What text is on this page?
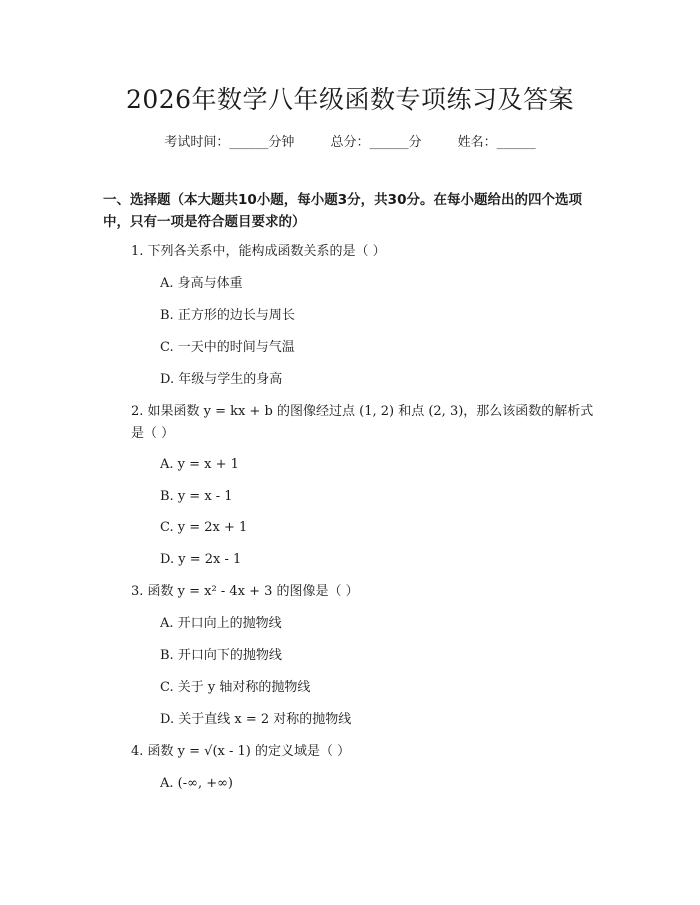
2026年数学八年级函数专项练习及答案
考试时间：______分钟	总分：______分	姓名：______
一、选择题（本大题共10小题，每小题3分，共30分。在每小题给出的四个选项中，只有一项是符合题目要求的）
1. 下列各关系中，能构成函数关系的是（ ）
A. 身高与体重
B. 正方形的边长与周长
C. 一天中的时间与气温
D. 年级与学生的身高
2. 如果函数 y = kx + b 的图像经过点 (1, 2) 和点 (2, 3)，那么该函数的解析式是（ ）
A. y = x + 1
B. y = x - 1
C. y = 2x + 1
D. y = 2x - 1
3. 函数 y = x² - 4x + 3 的图像是（ ）
A. 开口向上的抛物线
B. 开口向下的抛物线
C. 关于 y 轴对称的抛物线
D. 关于直线 x = 2 对称的抛物线
4. 函数 y = √(x - 1) 的定义域是（ ）
A. (-∞, +∞)
